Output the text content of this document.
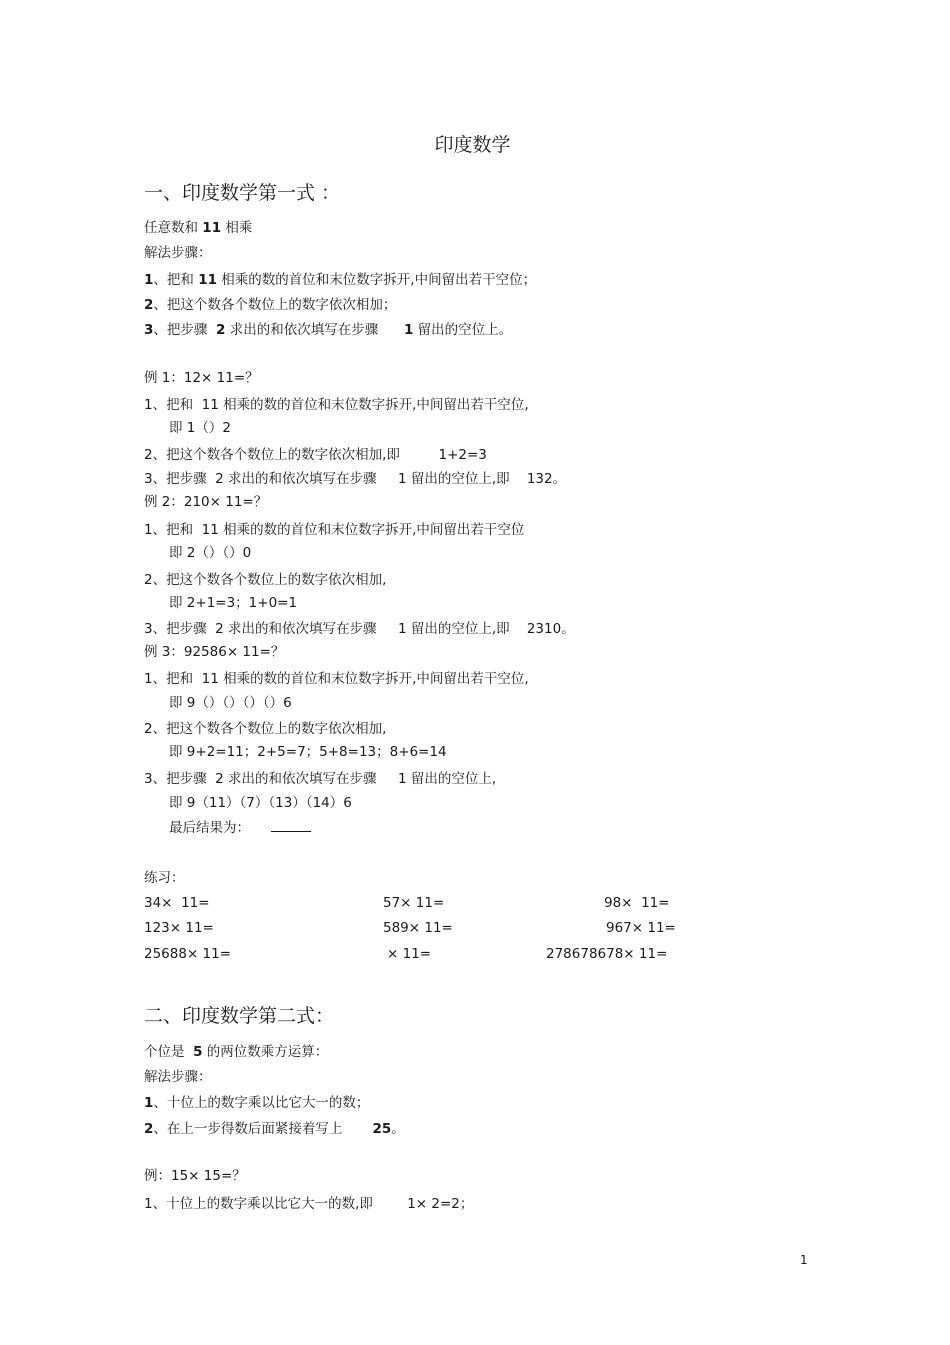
印度数学
一、印度数学第一式 ：
任意数和 11 相乘
解法步骤：
1、把和 11 相乘的数的首位和末位数字拆开,中间留出若干空位；
2、把这个数各个数位上的数字依次相加；
3、把步骤  2 求出的和依次填写在步骤      1 留出的空位上。
例 1：12× 11=？
1、把和  11 相乘的数的首位和末位数字拆开,中间留出若干空位,
即 1（）2
2、把这个数各个数位上的数字依次相加,即         1+2=3
3、把步骤  2 求出的和依次填写在步骤     1 留出的空位上,即    132。
例 2：210× 11=？
1、把和  11 相乘的数的首位和末位数字拆开,中间留出若干空位
即 2（）（）0
2、把这个数各个数位上的数字依次相加,
即 2+1=3；1+0=1
3、把步骤  2 求出的和依次填写在步骤     1 留出的空位上,即    2310。
例 3：92586× 11=？
1、把和  11 相乘的数的首位和末位数字拆开,中间留出若干空位,
即 9（）（）（）（）6
2、把这个数各个数位上的数字依次相加,
即 9+2=11；2+5=7；5+8=13；8+6=14
3、把步骤  2 求出的和依次填写在步骤     1 留出的空位上,
即 9（11）（7）（13）（14）6
最后结果为：
练习：
34×  11=	57× 11=	98×  11=
123× 11=	589× 11=	967× 11=
25688× 11=	× 11=	278678678× 11=
二、印度数学第二式：
个位是  5 的两位数乘方运算：
解法步骤：
1、十位上的数字乘以比它大一的数；
2、在上一步得数后面紧接着写上       25。
例：15× 15=？
1、十位上的数字乘以比它大一的数,即        1× 2=2；
1
